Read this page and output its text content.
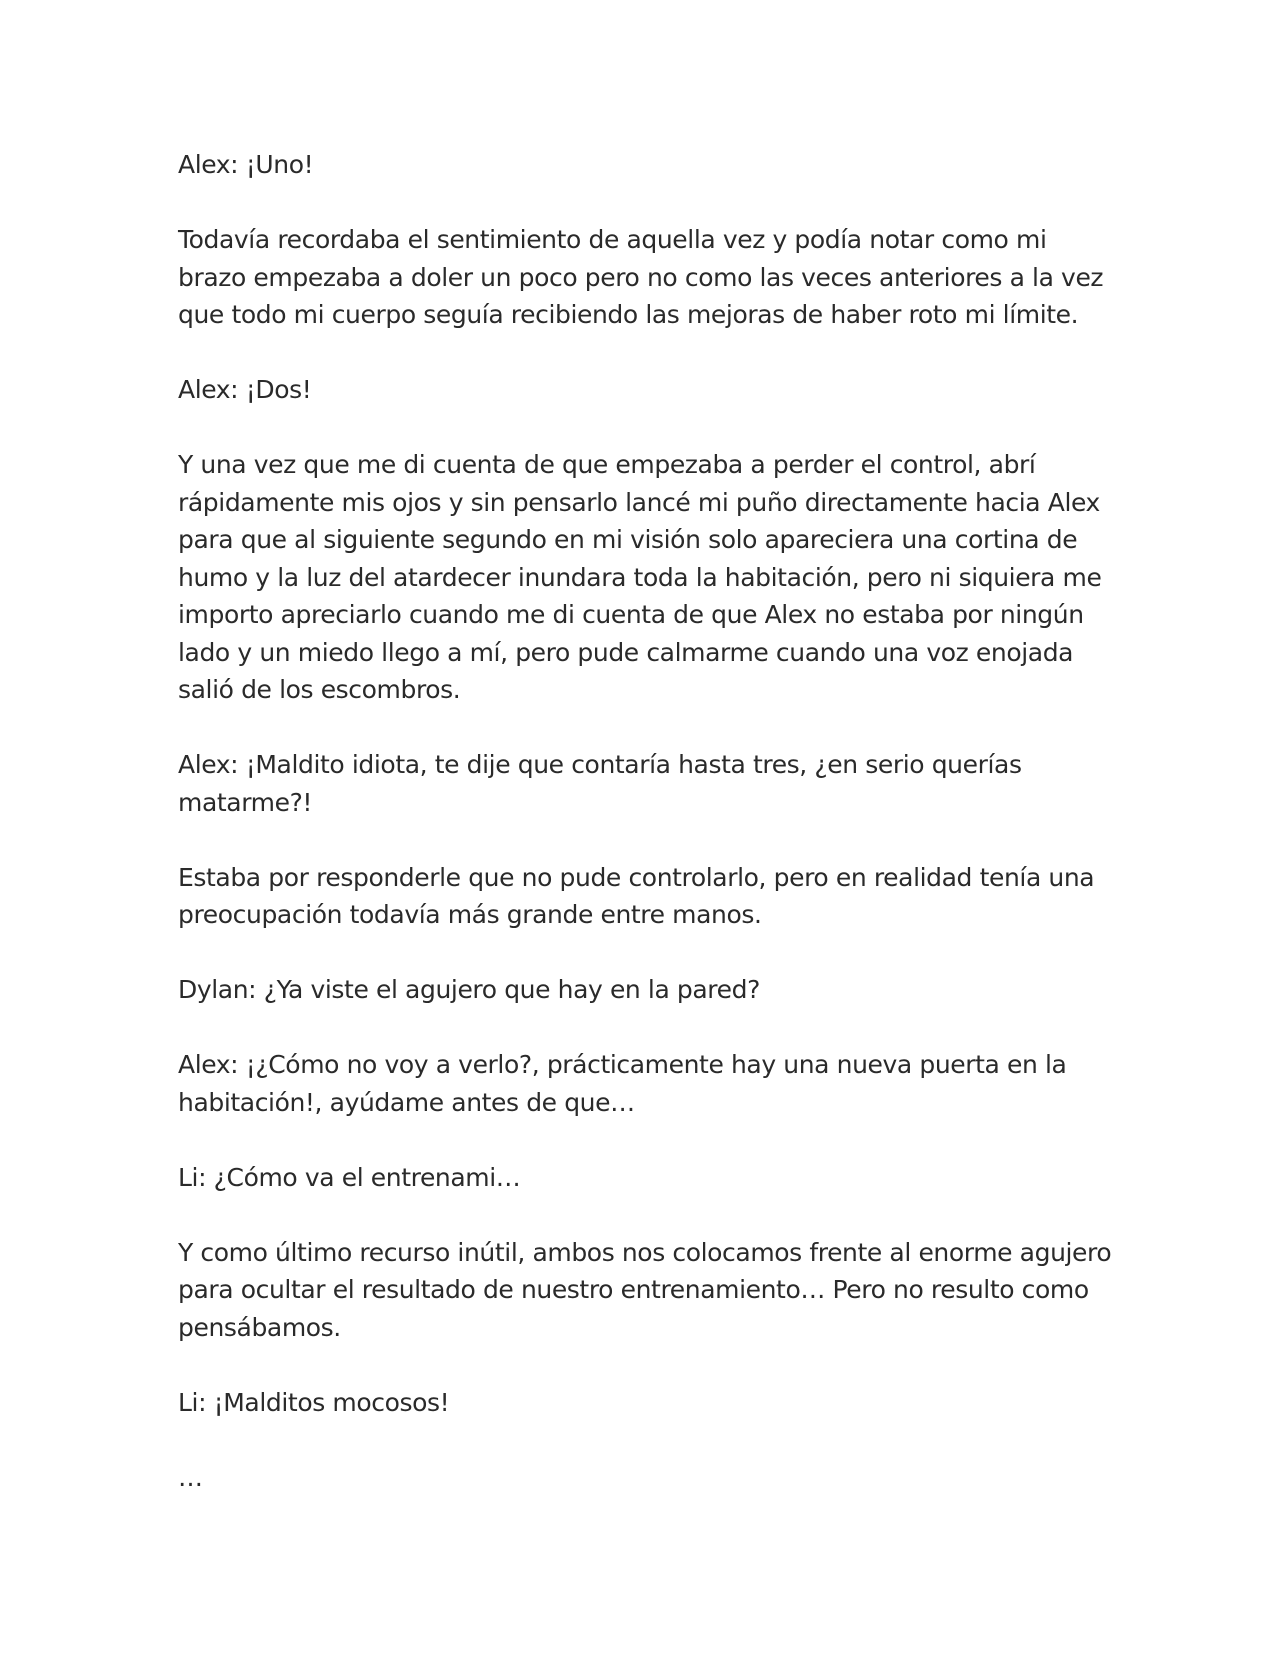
Alex: ¡Uno!

Todavía recordaba el sentimiento de aquella vez y podía notar como mi brazo empezaba a doler un poco pero no como las veces anteriores a la vez que todo mi cuerpo seguía recibiendo las mejoras de haber roto mi límite.

Alex: ¡Dos!

Y una vez que me di cuenta de que empezaba a perder el control, abrí rápidamente mis ojos y sin pensarlo lancé mi puño directamente hacia Alex para que al siguiente segundo en mi visión solo apareciera una cortina de humo y la luz del atardecer inundara toda la habitación, pero ni siquiera me importo apreciarlo cuando me di cuenta de que Alex no estaba por ningún lado y un miedo llego a mí, pero pude calmarme cuando una voz enojada salió de los escombros.

Alex: ¡Maldito idiota, te dije que contaría hasta tres, ¿en serio querías matarme?!

Estaba por responderle que no pude controlarlo, pero en realidad tenía una preocupación todavía más grande entre manos.

Dylan: ¿Ya viste el agujero que hay en la pared?

Alex: ¡¿Cómo no voy a verlo?, prácticamente hay una nueva puerta en la habitación!, ayúdame antes de que…

Li: ¿Cómo va el entrenami…

Y como último recurso inútil, ambos nos colocamos frente al enorme agujero para ocultar el resultado de nuestro entrenamiento… Pero no resulto como pensábamos.

Li: ¡Malditos mocosos!

…
